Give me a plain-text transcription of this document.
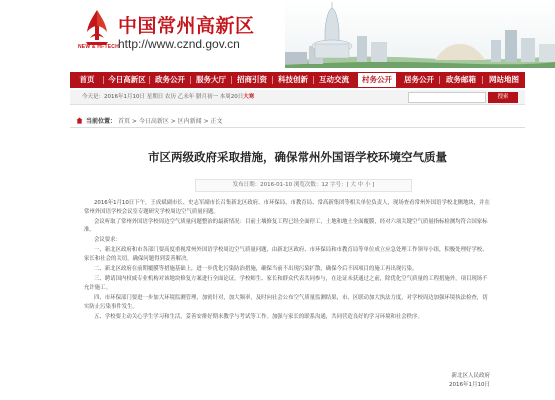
NEW & HI-TECH
中国常州高新区
http://www.cznd.gov.cn
首页	今日高新区	政务公开	服务大厅	招商引资	科技创新	互动交流	村务公开	居务公开	政务邮箱	网站地图
今天是：2016年1月10日 星期日 农历 乙未年 腊月初一 本周20日大寒	搜索
当前位置： 首页 > 今日高新区 > 区内新闻 > 正文
市区两级政府采取措施，确保常州外国语学校环境空气质量
发布日期：2016-01-10 浏览次数：12 字号：[ 大 中 小 ]

2016年1月10日下午，王成斌副市长、史志军副市长召集新北区政府、市环保局、市教育局、常高新集团等相关单位负责人，现场查看常州外国语学校北侧地块，并在常州外国语学校会议室专题研究学校周边空气质量问题。

会议听取了常州外国语学校周边空气质量问题整治的最新情况：目前土壤修复工程已经全面停工，土地和地土全面覆膜，经对六项关键空气质量指标检测均符合国家标准。

会议要求：

一、新北区政府和市各部门要高度重视常州外国语学校周边空气质量问题，由新北区政府、市环保局和市教育局等单位成立应急处理工作领导小组，积极处理好学校、家长和社会的关切，确保问题得到妥善解决。

二、新北区政府在前期覆膜等措施基础上，进一步优化污染防治措施，确保当前不出现污染扩散，确保今后不因项目的施工再出现污染。

三、聘请国内权威专业机构对该地块修复方案进行全面论证，学校师生、家长和群众代表共同参与，在论证未获通过之前，除优化空气质量的工程措施外，项目现场不允许施工。

四、市环保部门要进一步加大环境监测管理，加密针对，加大频率，及时向社会公布空气质量监测结果，市、区联动加大执法力度，对学校周边加强环境执法检查，切实防止污染事件发生。

五、学校要主动关心学生学习和生活，妥善安排好期末教学与考试等工作。加强与家长的联系沟通，共同营造良好的学习环境和社会秩序。

新北区人民政府
2016年1月10日
